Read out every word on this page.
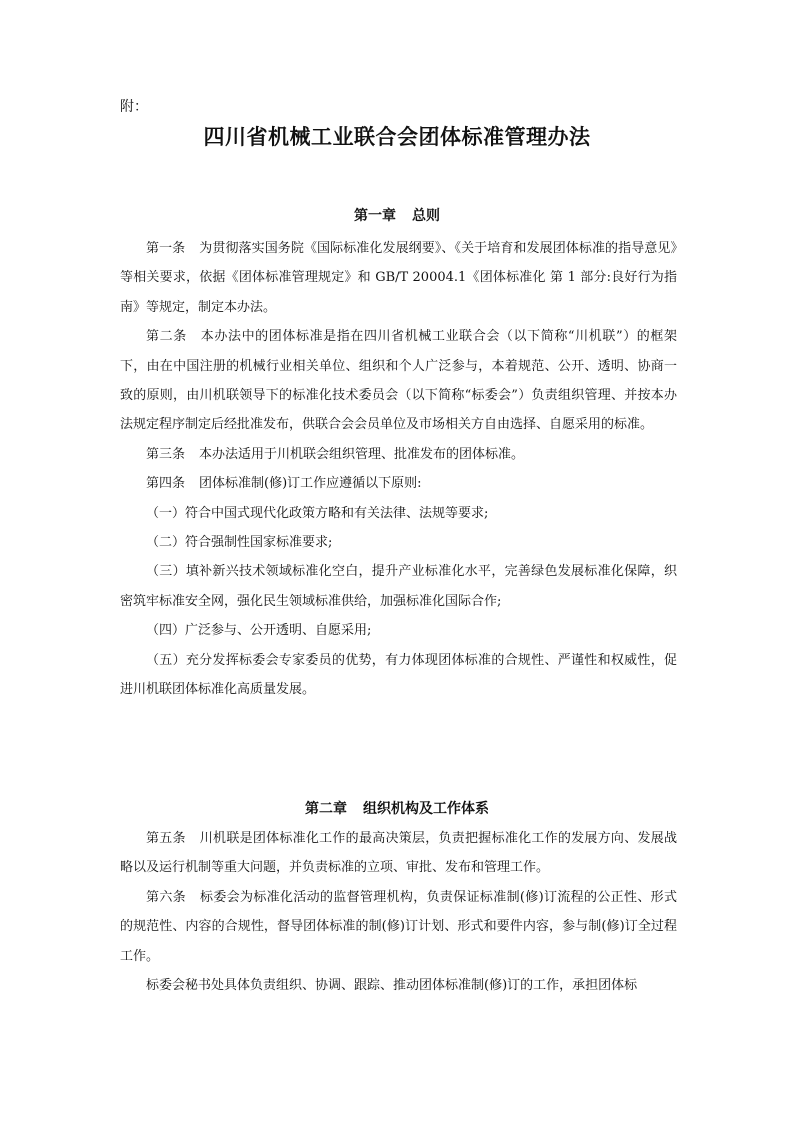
附：
四川省机械工业联合会团体标准管理办法
第一章 总则

第一条 为贯彻落实国务院《国际标准化发展纲要》、《关于培育和发展团体标准的指导意见》等相关要求，依据《团体标准管理规定》和 GB/T 20004.1《团体标准化 第 1 部分:良好行为指南》等规定，制定本办法。

第二条 本办法中的团体标准是指在四川省机械工业联合会（以下简称“川机联”）的框架下，由在中国注册的机械行业相关单位、组织和个人广泛参与，本着规范、公开、透明、协商一致的原则，由川机联领导下的标准化技术委员会（以下简称“标委会”）负责组织管理、并按本办法规定程序制定后经批准发布，供联合会会员单位及市场相关方自由选择、自愿采用的标准。

第三条 本办法适用于川机联会组织管理、批准发布的团体标准。

第四条 团体标准制(修)订工作应遵循以下原则:

（一）符合中国式现代化政策方略和有关法律、法规等要求;

（二）符合强制性国家标准要求;

（三）填补新兴技术领域标准化空白，提升产业标准化水平，完善绿色发展标准化保障，织密筑牢标准安全网，强化民生领域标准供给，加强标准化国际合作;

（四）广泛参与、公开透明、自愿采用;

（五）充分发挥标委会专家委员的优势，有力体现团体标准的合规性、严谨性和权威性，促进川机联团体标准化高质量发展。

第二章 组织机构及工作体系

第五条 川机联是团体标准化工作的最高决策层，负责把握标准化工作的发展方向、发展战略以及运行机制等重大问题，并负责标准的立项、审批、发布和管理工作。

第六条 标委会为标准化活动的监督管理机构，负责保证标准制(修)订流程的公正性、形式的规范性、内容的合规性，督导团体标准的制(修)订计划、形式和要件内容，参与制(修)订全过程工作。

标委会秘书处具体负责组织、协调、跟踪、推动团体标准制(修)订的工作，承担团体标
